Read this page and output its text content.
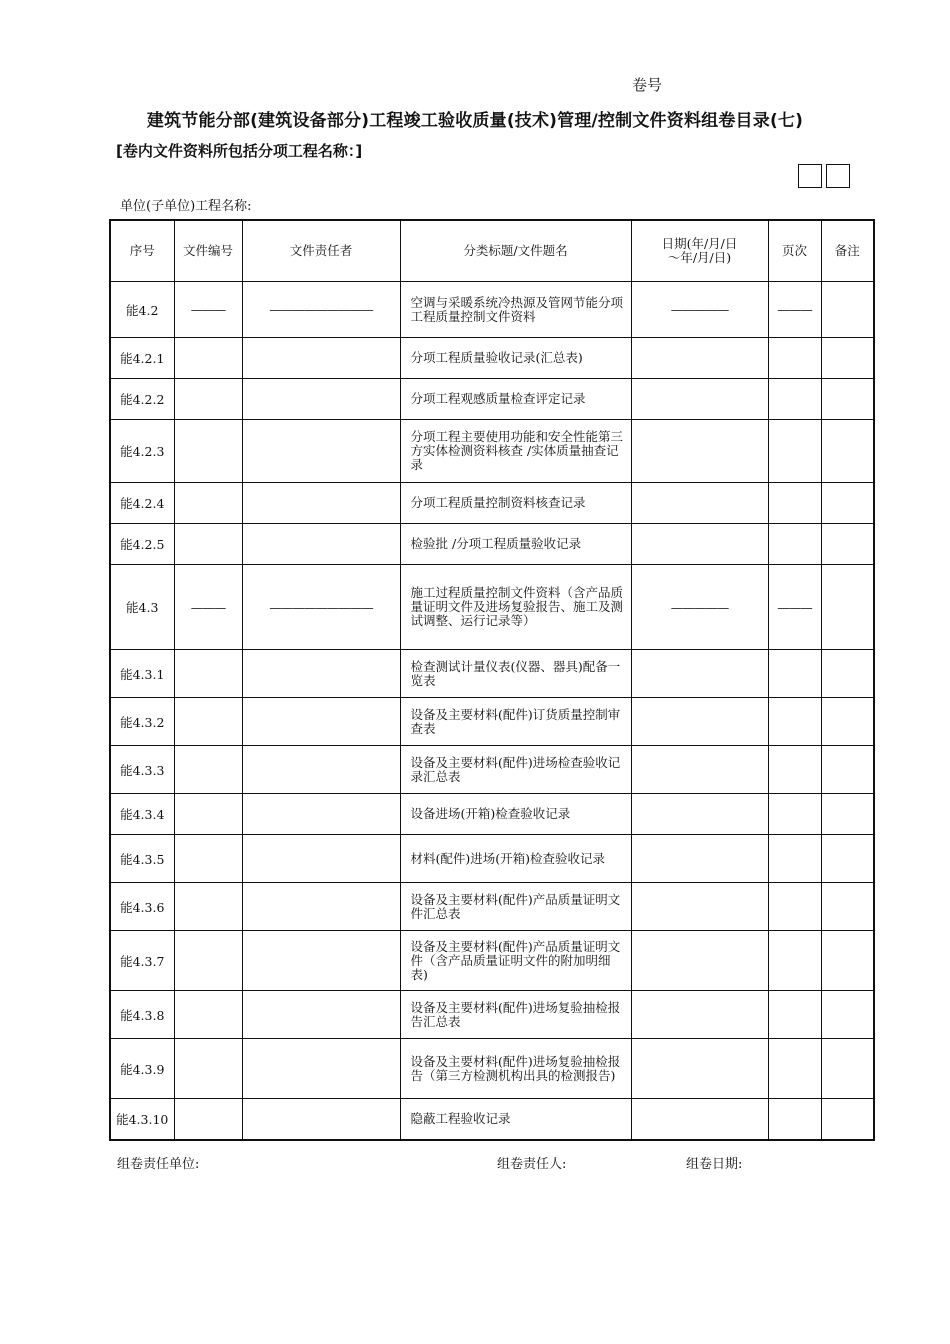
卷号
建筑节能分部(建筑设备部分)工程竣工验收质量(技术)管理/控制文件资料组卷目录(七)
[卷内文件资料所包括分项工程名称：]
单位(子单位)工程名称:
序号	文件编号	文件责任者	分类标题/文件题名	日期(年/月/日
～年/月/日)	页次	备注
能4.2	———	—————————	空调与采暖系统冷热源及管网节能分项工程质量控制文件资料	—————	———	
能4.2.1			分项工程质量验收记录(汇总表)			
能4.2.2			分项工程观感质量检查评定记录			
能4.2.3			分项工程主要使用功能和安全性能第三方实体检测资料核查 /实体质量抽查记录			
能4.2.4			分项工程质量控制资料核查记录			
能4.2.5			检验批 /分项工程质量验收记录			
能4.3	———	—————————	施工过程质量控制文件资料（含产品质量证明文件及进场复验报告、施工及测试调整、运行记录等）	—————	———	
能4.3.1			检查测试计量仪表(仪器、器具)配备一览表			
能4.3.2			设备及主要材料(配件)订货质量控制审查表			
能4.3.3			设备及主要材料(配件)进场检查验收记录汇总表			
能4.3.4			设备进场(开箱)检查验收记录			
能4.3.5			材料(配件)进场(开箱)检查验收记录			
能4.3.6			设备及主要材料(配件)产品质量证明文件汇总表			
能4.3.7			设备及主要材料(配件)产品质量证明文件（含产品质量证明文件的附加明细表)			
能4.3.8			设备及主要材料(配件)进场复验抽检报告汇总表			
能4.3.9			设备及主要材料(配件)进场复验抽检报告（第三方检测机构出具的检测报告)			
能4.3.10			隐蔽工程验收记录			
组卷责任单位:	组卷责任人:	组卷日期:
